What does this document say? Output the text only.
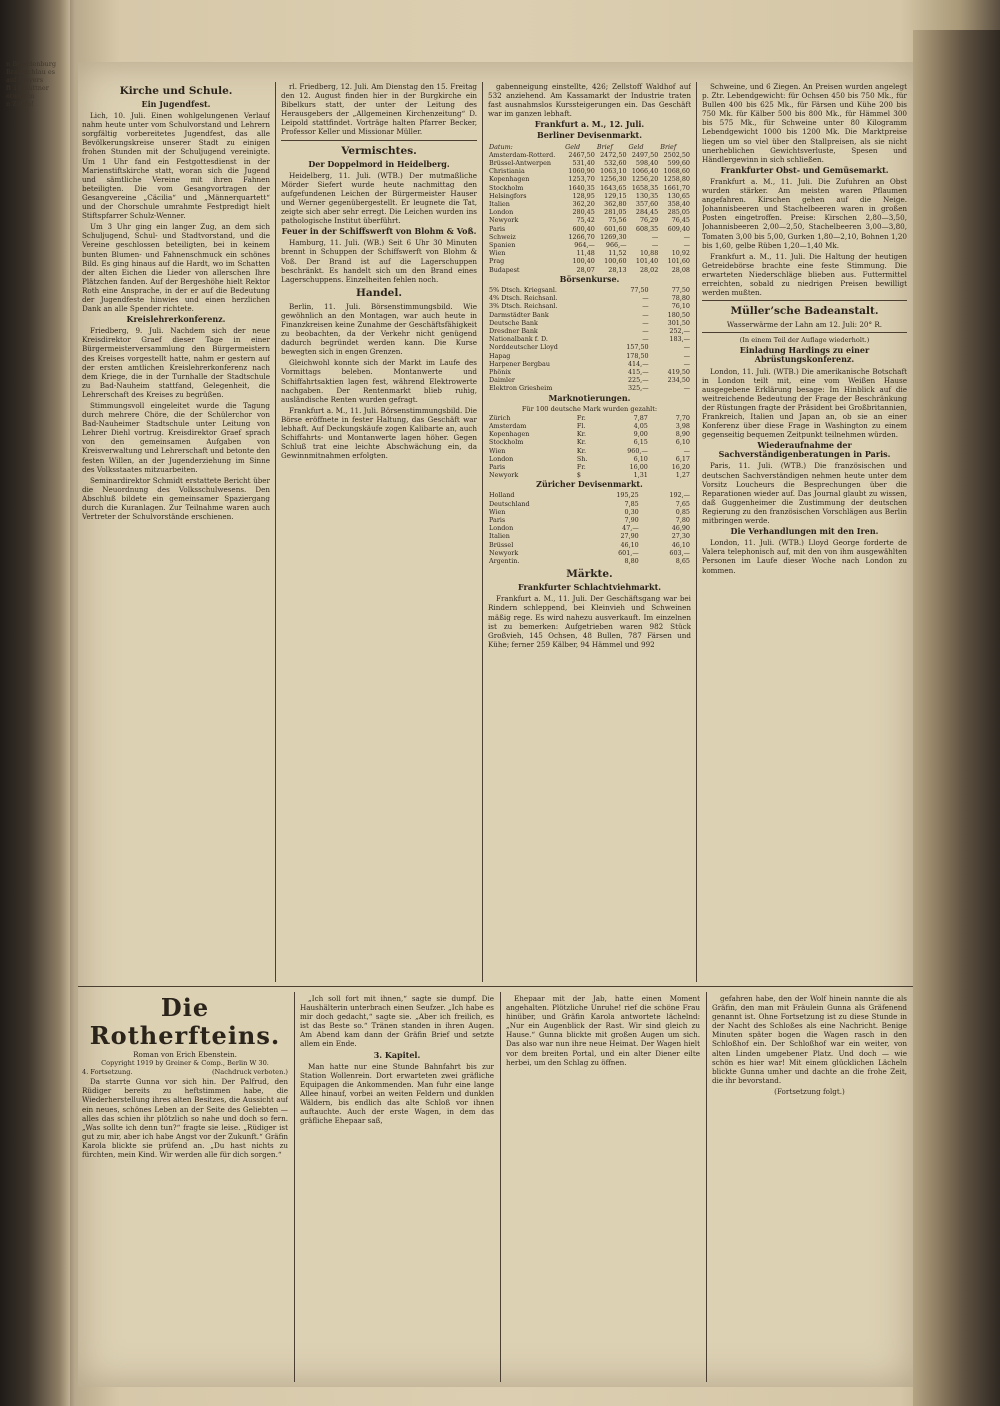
n Brandenburg
Braibachlau es
auf Mayers
ft 11 Rüttner
etwad in
n Zopfa!
Kirche und Schule.
Ein Jugendfest.

Lich, 10. Juli. Einen wohlgelungenen Verlauf nahm heute unter vom Schulvorstand und Lehrern sorgfältig vorbereitetes Jugendfest, das alle Bevölkerungskreise unserer Stadt zu einigen frohen Stunden mit der Schuljugend vereinigte. Um 1 Uhr fand ein Festgottesdienst in der Marienstiftskirche statt, woran sich die Jugend und sämtliche Vereine mit ihren Fahnen beteiligten. Die vom Gesangvortragen der Gesangvereine „Cäcilia“ und „Männerquartett“ und der Chorschule umrahmte Festpredigt hielt Stiftspfarrer Schulz-Wenner.

Um 3 Uhr ging ein langer Zug, an dem sich Schuljugend, Schul- und Stadtvorstand, und die Vereine geschlossen beteiligten, bei in keinem bunten Blumen- und Fahnenschmuck ein schönes Bild. Es ging hinaus auf die Hardt, wo im Schatten der alten Eichen die Lieder von allerschen Ihre Plätzchen fanden. Auf der Bergeshöhe hielt Rektor Roth eine Ansprache, in der er auf die Bedeutung der Jugendfeste hinwies und einen herzlichen Dank an alle Spender richtete.

Kreislehrerkonferenz.

Friedberg, 9. Juli. Nachdem sich der neue Kreisdirektor Graef dieser Tage in einer Bürgermeisterversammlung den Bürgermeistern des Kreises vorgestellt hatte, nahm er gestern auf der ersten amtlichen Kreislehrerkonferenz nach dem Kriege, die in der Turnhalle der Stadtschule zu Bad-Nauheim stattfand, Gelegenheit, die Lehrerschaft des Kreises zu begrüßen.

Stimmungsvoll eingeleitet wurde die Tagung durch mehrere Chöre, die der Schülerchor von Bad-Nauheimer Stadtschule unter Leitung von Lehrer Diehl vortrug. Kreisdirektor Graef sprach von den gemeinsamen Aufgaben von Kreisverwaltung und Lehrerschaft und betonte den festen Willen, an der Jugenderziehung im Sinne des Volksstaates mitzuarbeiten.

Seminardirektor Schmidt erstattete Bericht über die Neuordnung des Volksschulwesens. Den Abschluß bildete ein gemeinsamer Spaziergang durch die Kuranlagen. Zur Teilnahme waren auch Vertreter der Schulvorstände erschienen.

rl. Friedberg, 12. Juli. Am Dienstag den 15. Freitag den 12. August finden hier in der Burgkirche ein Bibelkurs statt, der unter der Leitung des Herausgebers der „Allgemeinen Kirchenzeitung“ D. Leipold stattfindet. Vorträge halten Pfarrer Becker, Professor Keller und Missionar Müller.

Vermischtes.
Der Doppelmord in Heidelberg.

Heidelberg, 11. Juli. (WTB.) Der mutmaßliche Mörder Siefert wurde heute nachmittag den aufgefundenen Leichen der Bürgermeister Hauser und Werner gegenübergestellt. Er leugnete die Tat, zeigte sich aber sehr erregt. Die Leichen wurden ins pathologische Institut überführt.

Feuer in der Schiffswerft von Blohm & Voß.

Hamburg, 11. Juli. (WB.) Seit 6 Uhr 30 Minuten brennt in Schuppen der Schiffswerft von Blohm & Voß. Der Brand ist auf die Lagerschuppen beschränkt. Es handelt sich um den Brand eines Lagerschuppens. Einzelheiten fehlen noch.

Handel.

Berlin, 11. Juli. Börsenstimmungsbild. Wie gewöhnlich an den Montagen, war auch heute in Finanzkreisen keine Zunahme der Geschäftsfähigkeit zu beobachten, da der Verkehr nicht genügend dadurch begründet werden kann. Die Kurse bewegten sich in engen Grenzen.

Gleichwohl konnte sich der Markt im Laufe des Vormittags beleben. Montanwerte und Schiffahrtsaktien lagen fest, während Elektrowerte nachgaben. Der Rentenmarkt blieb ruhig, ausländische Renten wurden gefragt.

Frankfurt a. M., 11. Juli. Börsenstimmungsbild. Die Börse eröffnete in fester Haltung, das Geschäft war lebhaft. Auf Deckungskäufe zogen Kalibarte an, auch Schiffahrts- und Montanwerte lagen höher. Gegen Schluß trat eine leichte Abschwächung ein, da Gewinnmitnahmen erfolgten.

gabenneigung einstellte, 426; Zellstoff Waldhof auf 532 anziehend. Am Kassamarkt der Industrie traten fast ausnahmslos Kurssteigerungen ein. Das Geschäft war im ganzen lebhaft.

Frankfurt a. M., 12. Juli.
Berliner Devisenmarkt.
Datum:	Geld	Brief	Geld	Brief
Amsterdam-Rotterd.	2467,50	2472,50	2497,50	2502,50
Brüssel-Antwerpen	531,40	532,60	598,40	599,60
Christiania	1060,90	1063,10	1066,40	1068,60
Kopenhagen	1253,70	1256,30	1256,20	1258,80
Stockholm	1640,35	1643,65	1658,35	1661,70
Helsingfors	128,95	129,15	130,35	130,65
Italien	362,20	362,80	357,60	358,40
London	280,45	281,05	284,45	285,05
Newyork	75,42	75,56	76,29	76,45
Paris	600,40	601,60	608,35	609,40
Schweiz	1266,70	1269,30	—	—
Spanien	964,—	966,—	—	—
Wien	11,48	11,52	10,88	10,92
Prag	100,40	100,60	101,40	101,60
Budapest	28,07	28,13	28,02	28,08
Börsenkurse.
5% Dtsch. Kriegsanl.	77,50	77,50
4% Dtsch. Reichsanl.	—	78,80
3% Dtsch. Reichsanl.	—	76,10
Darmstädter Bank	—	180,50
Deutsche Bank	—	301,50
Dresdner Bank	—	252,—
Nationalbank f. D.	—	183,—
Norddeutscher Lloyd	157,50	—
Hapag	178,50	—
Harpener Bergbau	414,—	—
Phönix	415,—	419,50
Daimler	225,—	234,50
Elektron Griesheim	325,—	—
Marknotierungen.
Für 100 deutsche Mark wurden gezahlt:
Zürich	Fr.	7,87	7,70
Amsterdam	Fl.	4,05	3,98
Kopenhagen	Kr.	9,00	8,90
Stockholm	Kr.	6,15	6,10
Wien	Kr.	960,—	—
London	Sh.	6,10	6,17
Paris	Fr.	16,00	16,20
Newyork	$	1,31	1,27
Züricher Devisenmarkt.
Holland	195,25	192,—
Deutschland	7,85	7,65
Wien	0,30	0,85
Paris	7,90	7,80
London	47,—	46,90
Italien	27,90	27,30
Brüssel	46,10	46,10
Newyork	601,—	603,—
Argentin.	8,80	8,65
Märkte.
Frankfurter Schlachtviehmarkt.

Frankfurt a. M., 11. Juli. Der Geschäftsgang war bei Rindern schleppend, bei Kleinvieh und Schweinen mäßig rege. Es wird nahezu ausverkauft. Im einzelnen ist zu bemerken: Aufgetrieben waren 982 Stück Großvieh, 145 Ochsen, 48 Bullen, 787 Färsen und Kühe; ferner 259 Kälber, 94 Hämmel und 992

Schweine, und 6 Ziegen. An Preisen wurden angelegt p. Ztr. Lebendgewicht: für Ochsen 450 bis 750 Mk., für Bullen 400 bis 625 Mk., für Färsen und Kühe 200 bis 750 Mk. für Kälber 500 bis 800 Mk., für Hämmel 300 bis 575 Mk., für Schweine unter 80 Kilogramm Lebendgewicht 1000 bis 1200 Mk. Die Marktpreise liegen um so viel über den Stallpreisen, als sie nicht unerheblichen Gewichtsverluste, Spesen und Händlergewinn in sich schließen.

Frankfurter Obst- und Gemüsemarkt.

Frankfurt a. M., 11. Juli. Die Zufuhren an Obst wurden stärker. Am meisten waren Pflaumen angefahren. Kirschen gehen auf die Neige. Johannisbeeren und Stachelbeeren waren in großen Posten eingetroffen. Preise: Kirschen 2,80—3,50, Johannisbeeren 2,00—2,50, Stachelbeeren 3,00—3,80, Tomaten 3,00 bis 5,00, Gurken 1,80—2,10, Bohnen 1,20 bis 1,60, gelbe Rüben 1,20—1,40 Mk.

Frankfurt a. M., 11. Juli. Die Haltung der heutigen Getreidebörse brachte eine feste Stimmung. Die erwarteten Niederschläge blieben aus. Futtermittel erreichten, sobald zu niedrigen Preisen bewilligt werden mußten.

Müller’sche Badeanstalt.
Wasserwärme der Lahn am 12. Juli: 20° R.
(In einem Teil der Auflage wiederholt.)
Einladung Hardings zu einer Abrüstungskonferenz.

London, 11. Juli. (WTB.) Die amerikanische Botschaft in London teilt mit, eine vom Weißen Hause ausgegebene Erklärung besage: Im Hinblick auf die weitreichende Bedeutung der Frage der Beschränkung der Rüstungen fragte der Präsident bei Großbritannien, Frankreich, Italien und Japan an, ob sie an einer Konferenz über diese Frage in Washington zu einem gegenseitig bequemen Zeitpunkt teilnehmen würden.

Wiederaufnahme der Sachverständigenberatungen in Paris.

Paris, 11. Juli. (WTB.) Die französischen und deutschen Sachverständigen nehmen heute unter dem Vorsitz Loucheurs die Besprechungen über die Reparationen wieder auf. Das Journal glaubt zu wissen, daß Guggenheimer die Zustimmung der deutschen Regierung zu den französischen Vorschlägen aus Berlin mitbringen werde.

Die Verhandlungen mit den Iren.

London, 11. Juli. (WTB.) Lloyd George forderte de Valera telephonisch auf, mit den von ihm ausgewählten Personen im Laufe dieser Woche nach London zu kommen.

Die Rotherfteins.
Roman von Erich Ebenstein.
Copyright 1919 by Greiner & Comp., Berlin W 30.
4. Fortsetzung.	(Nachdruck verboten.)

Da starrte Gunna vor sich hin. Der Palfrud, den Rüdiger bereits zu heftstimmen habe, die Wiederherstellung ihres alten Besitzes, die Aussicht auf ein neues, schönes Leben an der Seite des Geliebten — alles das schien ihr plötzlich so nahe und doch so fern. „Was sollte ich denn tun?“ fragte sie leise. „Rüdiger ist gut zu mir, aber ich habe Angst vor der Zukunft.“ Gräfin Karola blickte sie prüfend an. „Du hast nichts zu fürchten, mein Kind. Wir werden alle für dich sorgen.“

„Ich soll fort mit ihnen,“ sagte sie dumpf. Die Haushälterin unterbrach einen Seufzer. „Ich habe es mir doch gedacht,“ sagte sie. „Aber ich freilich, es ist das Beste so.“ Tränen standen in ihren Augen. Am Abend kam dann der Gräfin Brief und setzte allem ein Ende.

3. Kapitel.

Man hatte nur eine Stunde Bahnfahrt bis zur Station Wollenrein. Dort erwarteten zwei gräfliche Equipagen die Ankommenden. Man fuhr eine lange Allee hinauf, vorbei an weiten Feldern und dunklen Wäldern, bis endlich das alte Schloß vor ihnen auftauchte. Auch der erste Wagen, in dem das gräfliche Ehepaar saß,

Ehepaar mit der Jab, hatte einen Moment angehalten. Plötzliche Unruhe! rief die schöne Frau hinüber, und Gräfin Karola antwortete lächelnd: „Nur ein Augenblick der Rast. Wir sind gleich zu Hause.“ Gunna blickte mit großen Augen um sich. Das also war nun ihre neue Heimat. Der Wagen hielt vor dem breiten Portal, und ein alter Diener eilte herbei, um den Schlag zu öffnen.

gefahren habe, den der Wolf hinein nannte die als Gräfin, den man mit Fräulein Gunna als Gräfenend genannt ist. Ohne Fortsetzung ist zu diese Stunde in der Nacht des Schloßes als eine Nachricht. Benige Minuten später bogen die Wagen rasch in den Schloßhof ein. Der Schloßhof war ein weiter, von alten Linden umgebener Platz. Und doch — wie schön es hier war! Mit einem glücklichen Lächeln blickte Gunna umher und dachte an die frohe Zeit, die ihr bevorstand.

(Fortsetzung folgt.)
